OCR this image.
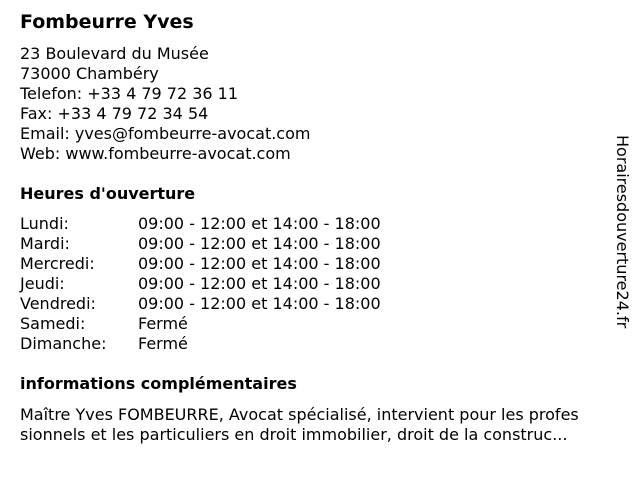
Fombeurre Yves
23 Boulevard du Musée
73000 Chambéry
Telefon: +33 4 79 72 36 11
Fax: +33 4 79 72 34 54
Email: yves@fombeurre-avocat.com
Web: www.fombeurre-avocat.com
Heures d'ouverture
Lundi:	09:00 - 12:00 et 14:00 - 18:00
Mardi:	09:00 - 12:00 et 14:00 - 18:00
Mercredi:	09:00 - 12:00 et 14:00 - 18:00
Jeudi:	09:00 - 12:00 et 14:00 - 18:00
Vendredi:	09:00 - 12:00 et 14:00 - 18:00
Samedi:	Fermé
Dimanche: Fermé
informations complémentaires
Maître Yves FOMBEURRE, Avocat spécialisé, intervient pour les profes
sionnels et les particuliers en droit immobilier, droit de la construc...
Horairesdouverture24.fr
